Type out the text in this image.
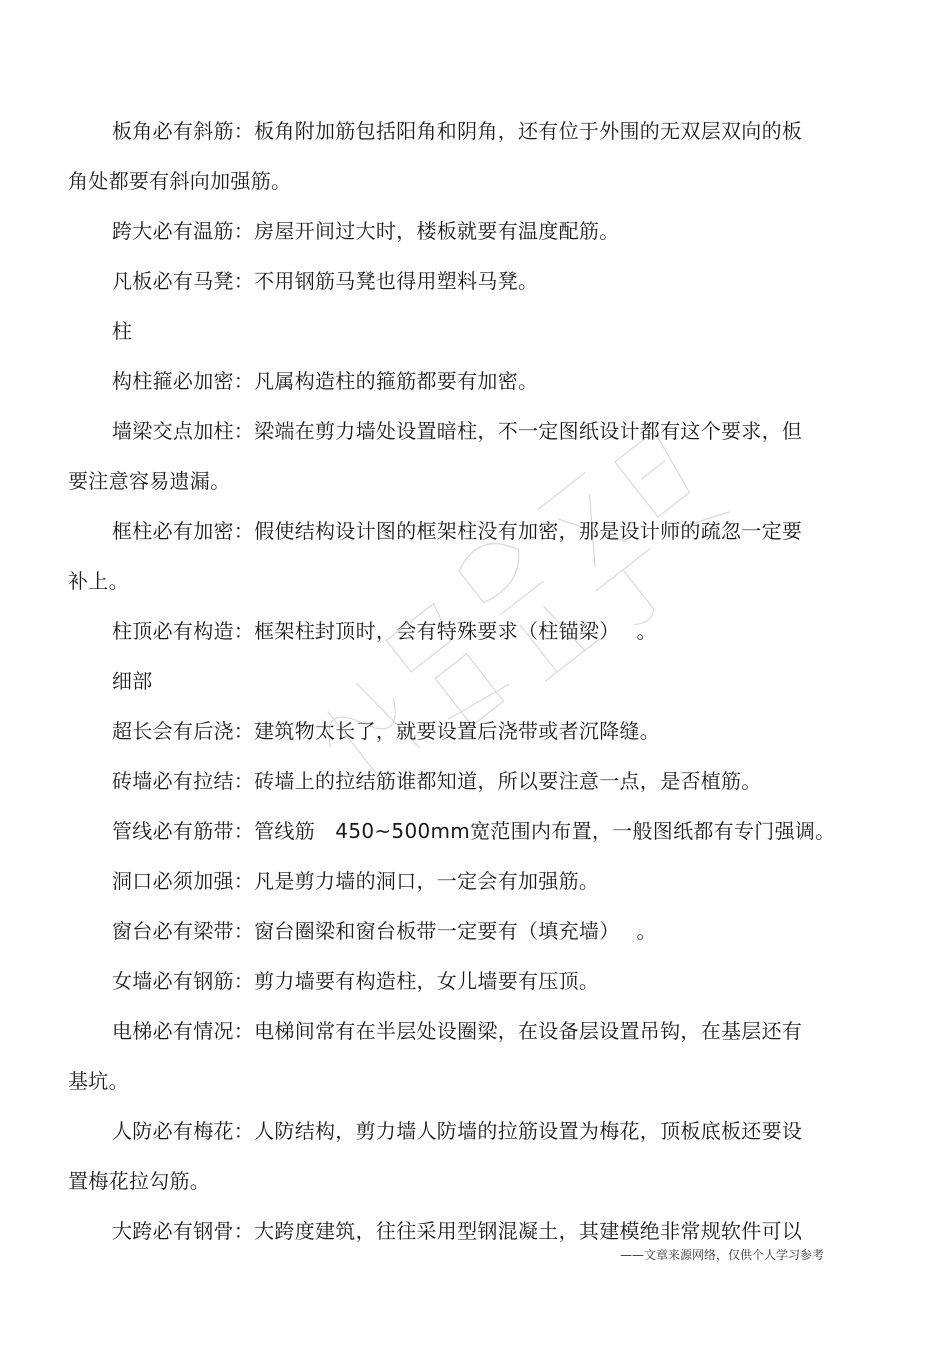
板角必有斜筋：板角附加筋包括阳角和阴角，还有位于外围的无双层双向的板
角处都要有斜向加强筋。
跨大必有温筋：房屋开间过大时，楼板就要有温度配筋。
凡板必有马凳：不用钢筋马凳也得用塑料马凳。
柱
构柱箍必加密：凡属构造柱的箍筋都要有加密。
墙梁交点加柱：梁端在剪力墙处设置暗柱，不一定图纸设计都有这个要求，但
要注意容易遗漏。
框柱必有加密：假使结构设计图的框架柱没有加密，那是设计师的疏忽一定要
补上。
柱顶必有构造：框架柱封顶时，会有特殊要求（柱锚梁）　 。
细部
超长会有后浇：建筑物太长了，就要设置后浇带或者沉降缝。
砖墙必有拉结：砖墙上的拉结筋谁都知道，所以要注意一点，是否植筋。
管线必有筋带：管线筋　450~500mm宽范围内布置，一般图纸都有专门强调。
洞口必须加强：凡是剪力墙的洞口，一定会有加强筋。
窗台必有梁带：窗台圈梁和窗台板带一定要有（填充墙）　 。
女墙必有钢筋：剪力墙要有构造柱，女儿墙要有压顶。
电梯必有情况：电梯间常有在半层处设圈梁，在设备层设置吊钩，在基层还有
基坑。
人防必有梅花：人防结构，剪力墙人防墙的拉筋设置为梅花，顶板底板还要设
置梅花拉勾筋。
大跨必有钢骨：大跨度建筑，往往采用型钢混凝土，其建模绝非常规软件可以
——文章来源网络，仅供个人学习参考
